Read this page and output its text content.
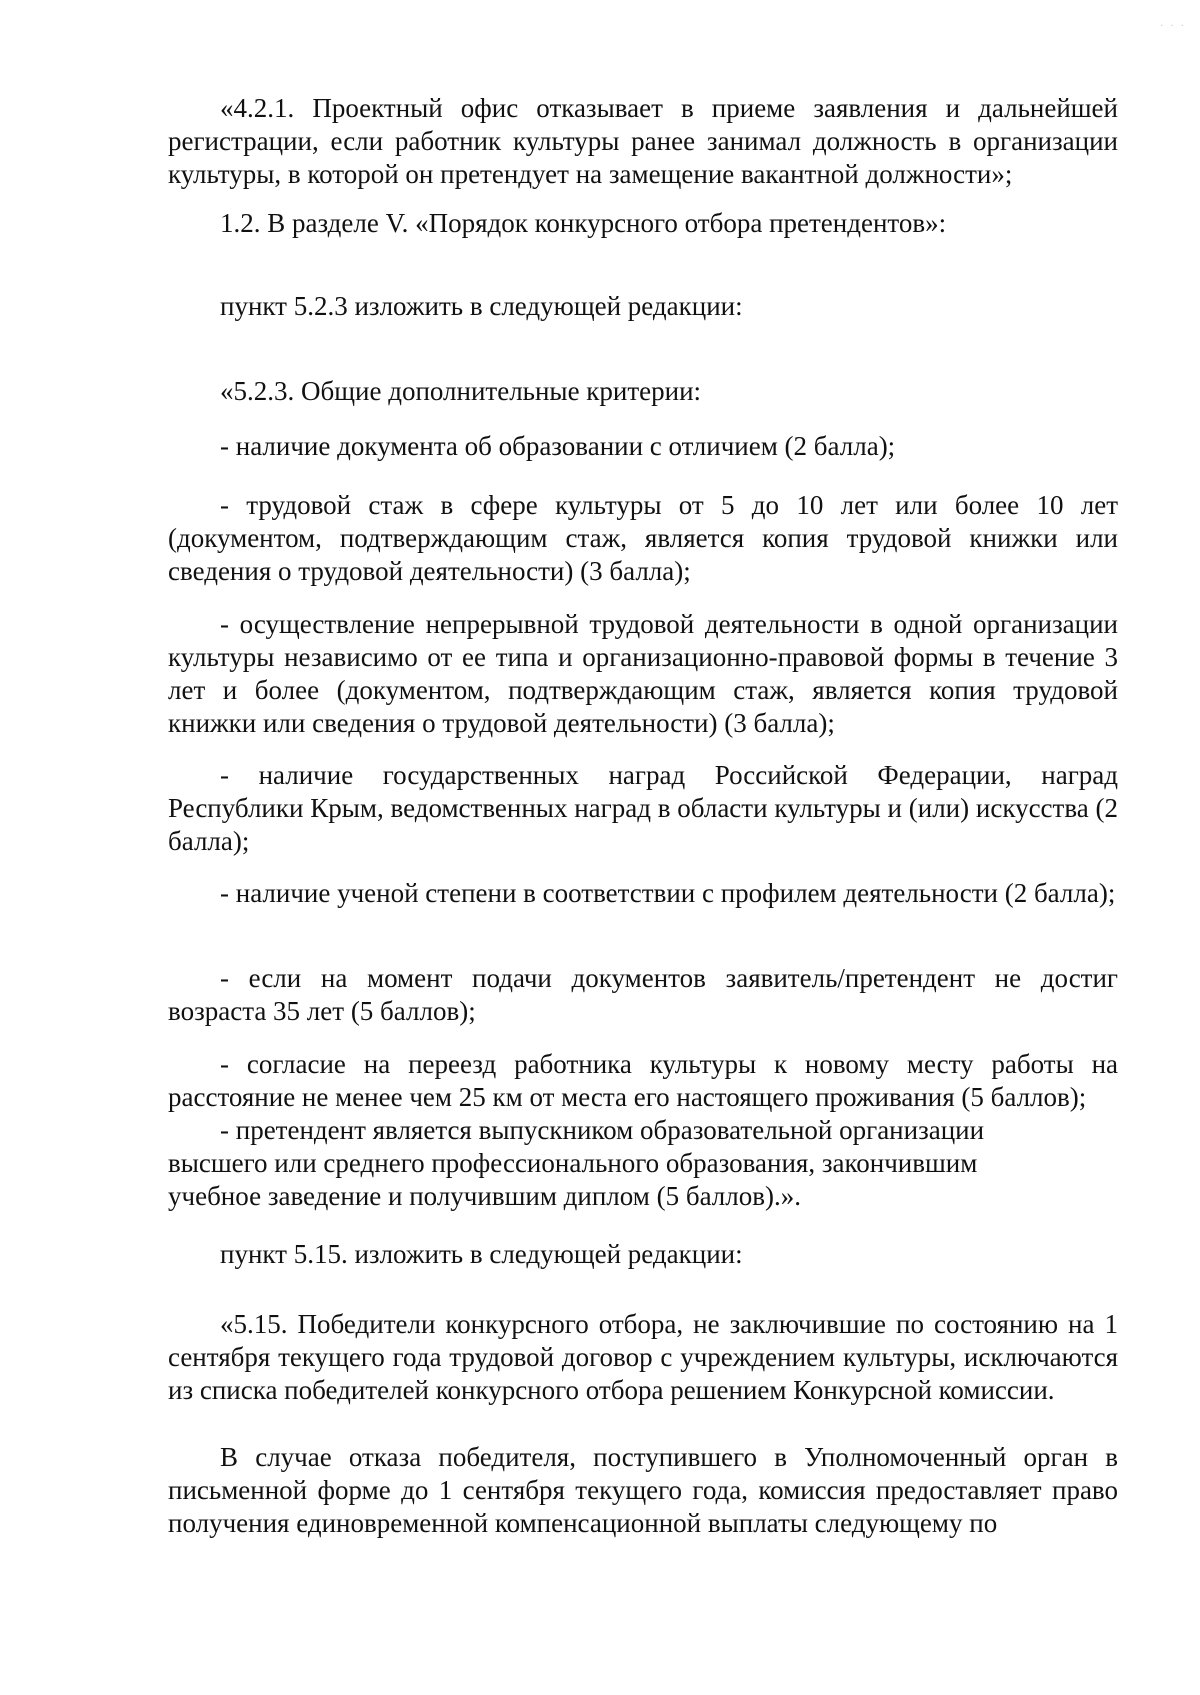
· · ·

«4.2.1. Проектный офис отказывает в приеме заявления и дальнейшей регистрации, если работник культуры ранее занимал должность в организации культуры, в которой он претендует на замещение вакантной должности»;

1.2. В разделе V. «Порядок конкурсного отбора претендентов»:

пункт 5.2.3 изложить в следующей редакции:

«5.2.3. Общие дополнительные критерии:

- наличие документа об образовании с отличием (2 балла);

- трудовой стаж в сфере культуры от 5 до 10 лет или более 10 лет (документом, подтверждающим стаж, является копия трудовой книжки или сведения о трудовой деятельности) (3 балла);

- осуществление непрерывной трудовой деятельности в одной организации культуры независимо от ее типа и организационно-правовой формы в течение 3 лет и более (документом, подтверждающим стаж, является копия трудовой книжки или сведения о трудовой деятельности) (3 балла);

- наличие государственных наград Российской Федерации, наград Республики Крым, ведомственных наград в области культуры и (или) искусства (2 балла);

- наличие ученой степени в соответствии с профилем деятельности (2 балла);

- если на момент подачи документов заявитель/претендент не достиг возраста 35 лет (5 баллов);

- согласие на переезд работника культуры к новому месту работы на расстояние не менее чем 25 км от места его настоящего проживания (5 баллов);

- претендент является выпускником образовательной организации высшего или среднего профессионального образования, закончившим учебное заведение и получившим диплом (5 баллов).».

пункт 5.15. изложить в следующей редакции:

«5.15. Победители конкурсного отбора, не заключившие по состоянию на 1 сентября текущего года трудовой договор с учреждением культуры, исключаются из списка победителей конкурсного отбора решением Конкурсной комиссии.

В случае отказа победителя, поступившего в Уполномоченный орган в письменной форме до 1 сентября текущего года, комиссия предоставляет право получения единовременной компенсационной выплаты следующему по
